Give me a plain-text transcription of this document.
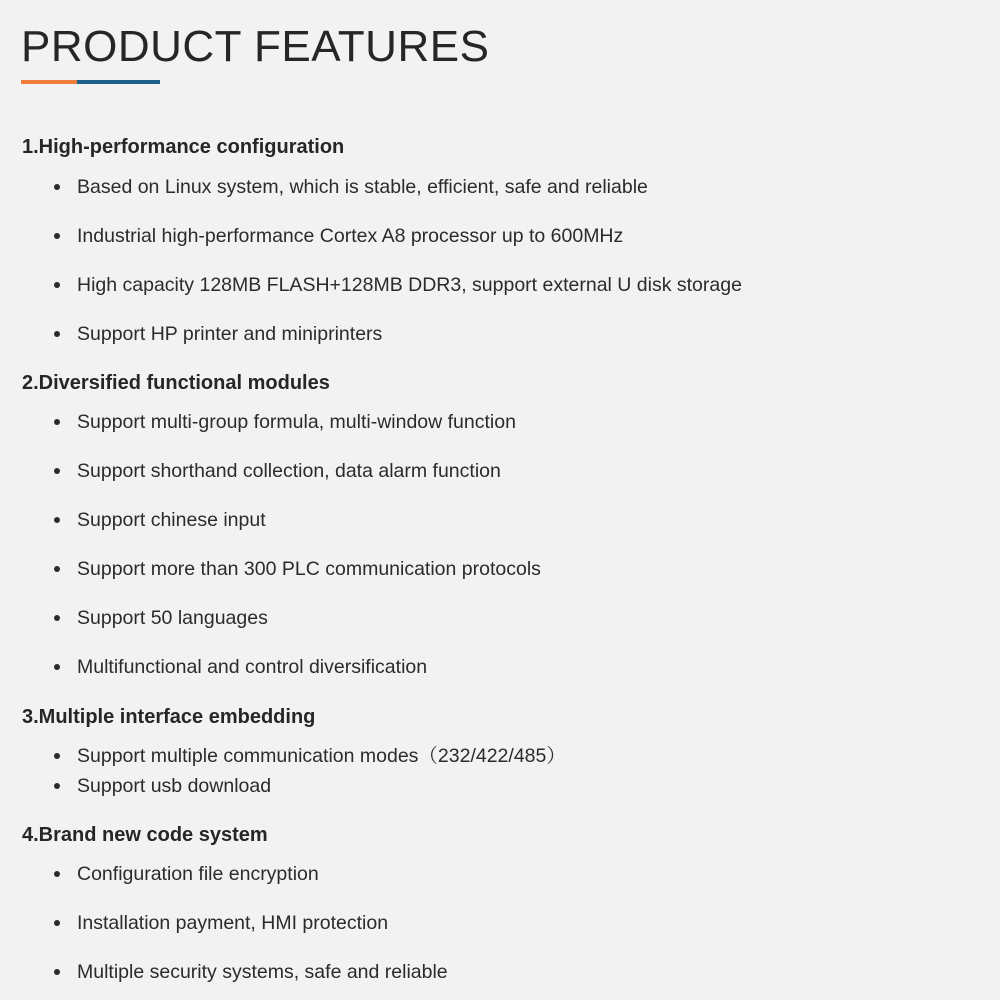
PRODUCT FEATURES
1.High-performance configuration
Based on Linux system, which is stable, efficient, safe and reliable
Industrial high-performance Cortex A8 processor up to 600MHz
High capacity 128MB FLASH+128MB DDR3, support external U disk storage
Support HP printer and miniprinters
2.Diversified functional modules
Support multi-group formula, multi-window function
Support shorthand collection, data alarm function
Support chinese input
Support more than 300 PLC communication protocols
Support 50 languages
Multifunctional and control diversification
3.Multiple interface embedding
Support multiple communication modes（232/422/485）
Support usb download
4.Brand new code system
Configuration file encryption
Installation payment, HMI protection
Multiple security systems, safe and reliable
